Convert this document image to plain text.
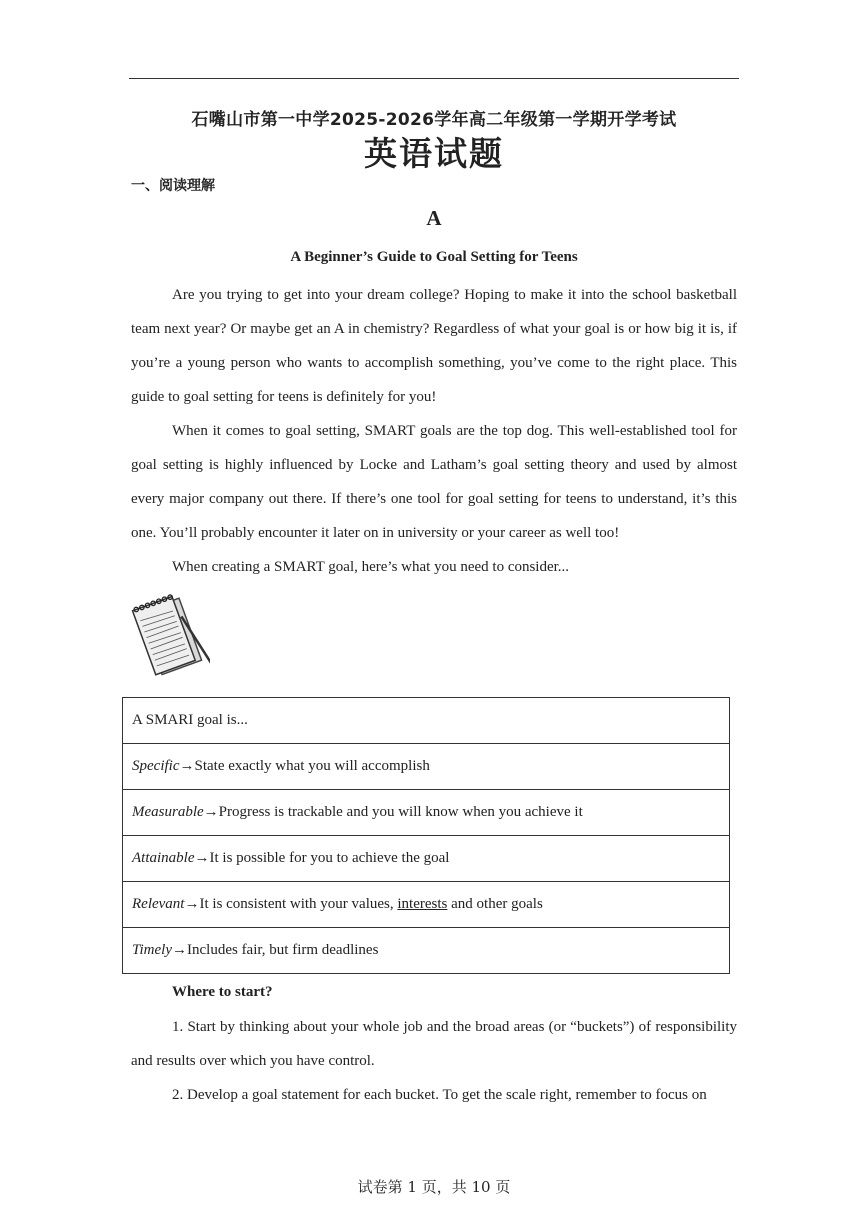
石嘴山市第一中学2025-2026学年高二年级第一学期开学考试
英语试题
一、阅读理解
A
A Beginner’s Guide to Goal Setting for Teens

Are you trying to get into your dream college? Hoping to make it into the school basketball team next year? Or maybe get an A in chemistry? Regardless of what your goal is or how big it is, if you’re a young person who wants to accomplish something, you’ve come to the right place. This guide to goal setting for teens is definitely for you!

When it comes to goal setting, SMART goals are the top dog. This well-established tool for goal setting is highly influenced by Locke and Latham’s goal setting theory and used by almost every major company out there. If there’s one tool for goal setting for teens to understand, it’s this one. You’ll probably encounter it later on in university or your career as well too!

When creating a SMART goal, here’s what you need to consider...

A SMARI goal is...
Specific→State exactly what you will accomplish
Measurable→Progress is trackable and you will know when you achieve it
Attainable→It is possible for you to achieve the goal
Relevant→It is consistent with your values, interests and other goals
Timely→Includes fair, but firm deadlines
Where to start?

1. Start by thinking about your whole job and the broad areas (or “buckets”) of responsibility and results over which you have control.

2. Develop a goal statement for each bucket. To get the scale right, remember to focus on

试卷第 1 页，共 10 页
